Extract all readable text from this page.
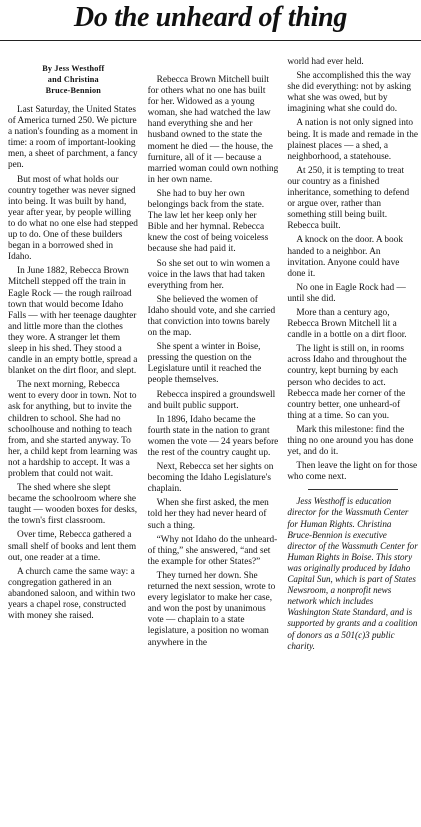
Do the unheard of thing
By Jess Westhoff
and Christina
Bruce-Bennion

Last Saturday, the United States of America turned 250. We picture a nation's founding as a moment in time: a room of important-looking men, a sheet of parchment, a fancy pen.

But most of what holds our country together was never signed into being. It was built by hand, year after year, by people willing to do what no one else had stepped up to do. One of these builders began in a borrowed shed in Idaho.

In June 1882, Rebecca Brown Mitchell stepped off the train in Eagle Rock — the rough railroad town that would become Idaho Falls — with her teenage daughter and little more than the clothes they wore. A stranger let them sleep in his shed. They stood a candle in an empty bottle, spread a blanket on the dirt floor, and slept.

The next morning, Rebecca went to every door in town. Not to ask for anything, but to invite the children to school. She had no schoolhouse and nothing to teach from, and she started anyway. To her, a child kept from learning was not a hardship to accept. It was a problem that could not wait.

The shed where she slept became the schoolroom where she taught — wooden boxes for desks, the town's first classroom.

Over time, Rebecca gathered a small shelf of books and lent them out, one reader at a time.

A church came the same way: a congregation gathered in an abandoned saloon, and within two years a chapel rose, constructed with money she raised.

Rebecca Brown Mitchell built for others what no one has built for her. Widowed as a young woman, she had watched the law hand everything she and her husband owned to the state the moment he died — the house, the furniture, all of it — because a married woman could own nothing in her own name.

She had to buy her own belongings back from the state. The law let her keep only her Bible and her hymnal. Rebecca knew the cost of being voiceless because she had paid it.

So she set out to win women a voice in the laws that had taken everything from her.

She believed the women of Idaho should vote, and she carried that conviction into towns barely on the map.

She spent a winter in Boise, pressing the question on the Legislature until it reached the people themselves.

Rebecca inspired a groundswell and built public support.

In 1896, Idaho became the fourth state in the nation to grant women the vote — 24 years before the rest of the country caught up.

Next, Rebecca set her sights on becoming the Idaho Legislature's chaplain.

When she first asked, the men told her they had never heard of such a thing.

“Why not Idaho do the unheard-of thing,” she answered, “and set the example for other States?”

They turned her down. She returned the next session, wrote to every legislator to make her case, and won the post by unanimous vote — chaplain to a state legislature, a position no woman anywhere in the

world had ever held.

She accomplished this the way she did everything: not by asking what she was owed, but by imagining what she could do.

A nation is not only signed into being. It is made and remade in the plainest places — a shed, a neighborhood, a statehouse.

At 250, it is tempting to treat our country as a finished inheritance, something to defend or argue over, rather than something still being built. Rebecca built.

A knock on the door. A book handed to a neighbor. An invitation. Anyone could have done it.

No one in Eagle Rock had — until she did.

More than a century ago, Rebecca Brown Mitchell lit a candle in a bottle on a dirt floor.

The light is still on, in rooms across Idaho and throughout the country, kept burning by each person who decides to act. Rebecca made her corner of the country better, one unheard-of thing at a time. So can you.

Mark this milestone: find the thing no one around you has done yet, and do it.

Then leave the light on for those who come next.

Jess Westhoff is education director for the Wassmuth Center for Human Rights. Christina Bruce-Bennion is executive director of the Wassmuth Center for Human Rights in Boise. This story was originally produced by Idaho Capital Sun, which is part of States Newsroom, a nonprofit news network which includes Washington State Standard, and is supported by grants and a coalition of donors as a 501(c)3 public charity.
